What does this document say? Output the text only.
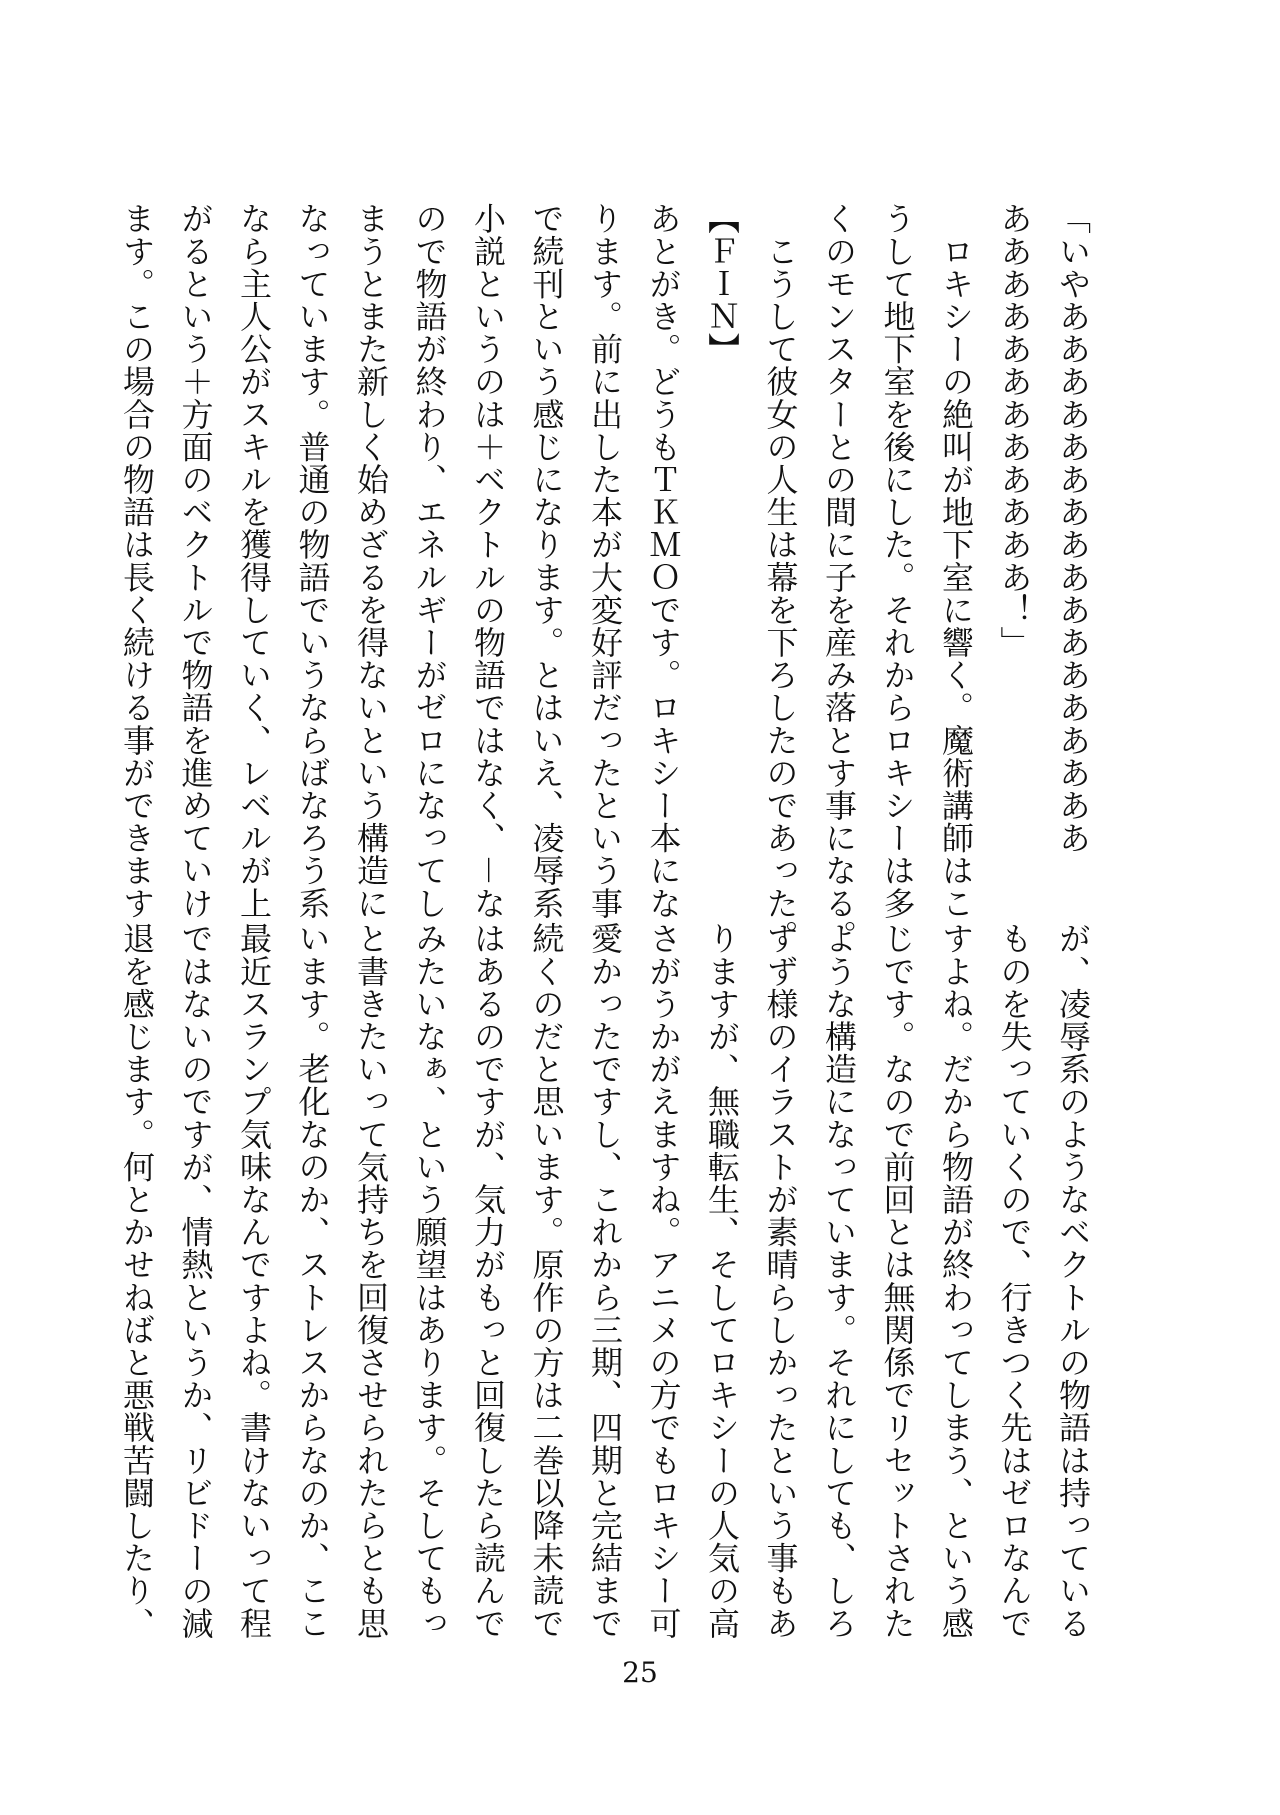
「いやあああああああああああああああああ
ああああああああああああ！」
　ロキシーの絶叫が地下室に響く。魔術講師はこ
うして地下室を後にした。それからロキシーは多
くのモンスターとの間に子を産み落とす事になる。
　こうして彼女の人生は幕を下ろしたのであった。
【ＦＩＮ】
あとがき。どうもＴＫＭＯです。ロキシー本にな
ります。前に出した本が大変好評だったという事
で続刊という感じになります。とはいえ、凌辱系
小説というのは＋ベクトルの物語ではなく、－な
ので物語が終わり、エネルギーがゼロになってし
まうとまた新しく始めざるを得ないという構造に
なっています。普通の物語でいうならばなろう系
なら主人公がスキルを獲得していく、レベルが上
がるという＋方面のベクトルで物語を進めていけ
ます。この場合の物語は長く続ける事ができます
が、凌辱系のようなベクトルの物語は持っている
ものを失っていくので、行きつく先はゼロなんで
すよね。だから物語が終わってしまう、という感
じです。なので前回とは無関係でリセットされた
ような構造になっています。それにしても、しろ
すず様のイラストが素晴らしかったという事もあ
りますが、無職転生、そしてロキシーの人気の高
さがうかがえますね。アニメの方でもロキシー可
愛かったですし、これから三期、四期と完結まで
続くのだと思います。原作の方は二巻以降未読で
はあるのですが、気力がもっと回復したら読んで
みたいなぁ、という願望はあります。そしてもっ
と書きたいって気持ちを回復させられたらとも思
います。老化なのか、ストレスからなのか、ここ
最近スランプ気味なんですよね。書けないって程
ではないのですが、情熱というか、リビドーの減
退を感じます。何とかせねばと悪戦苦闘したり、
25
